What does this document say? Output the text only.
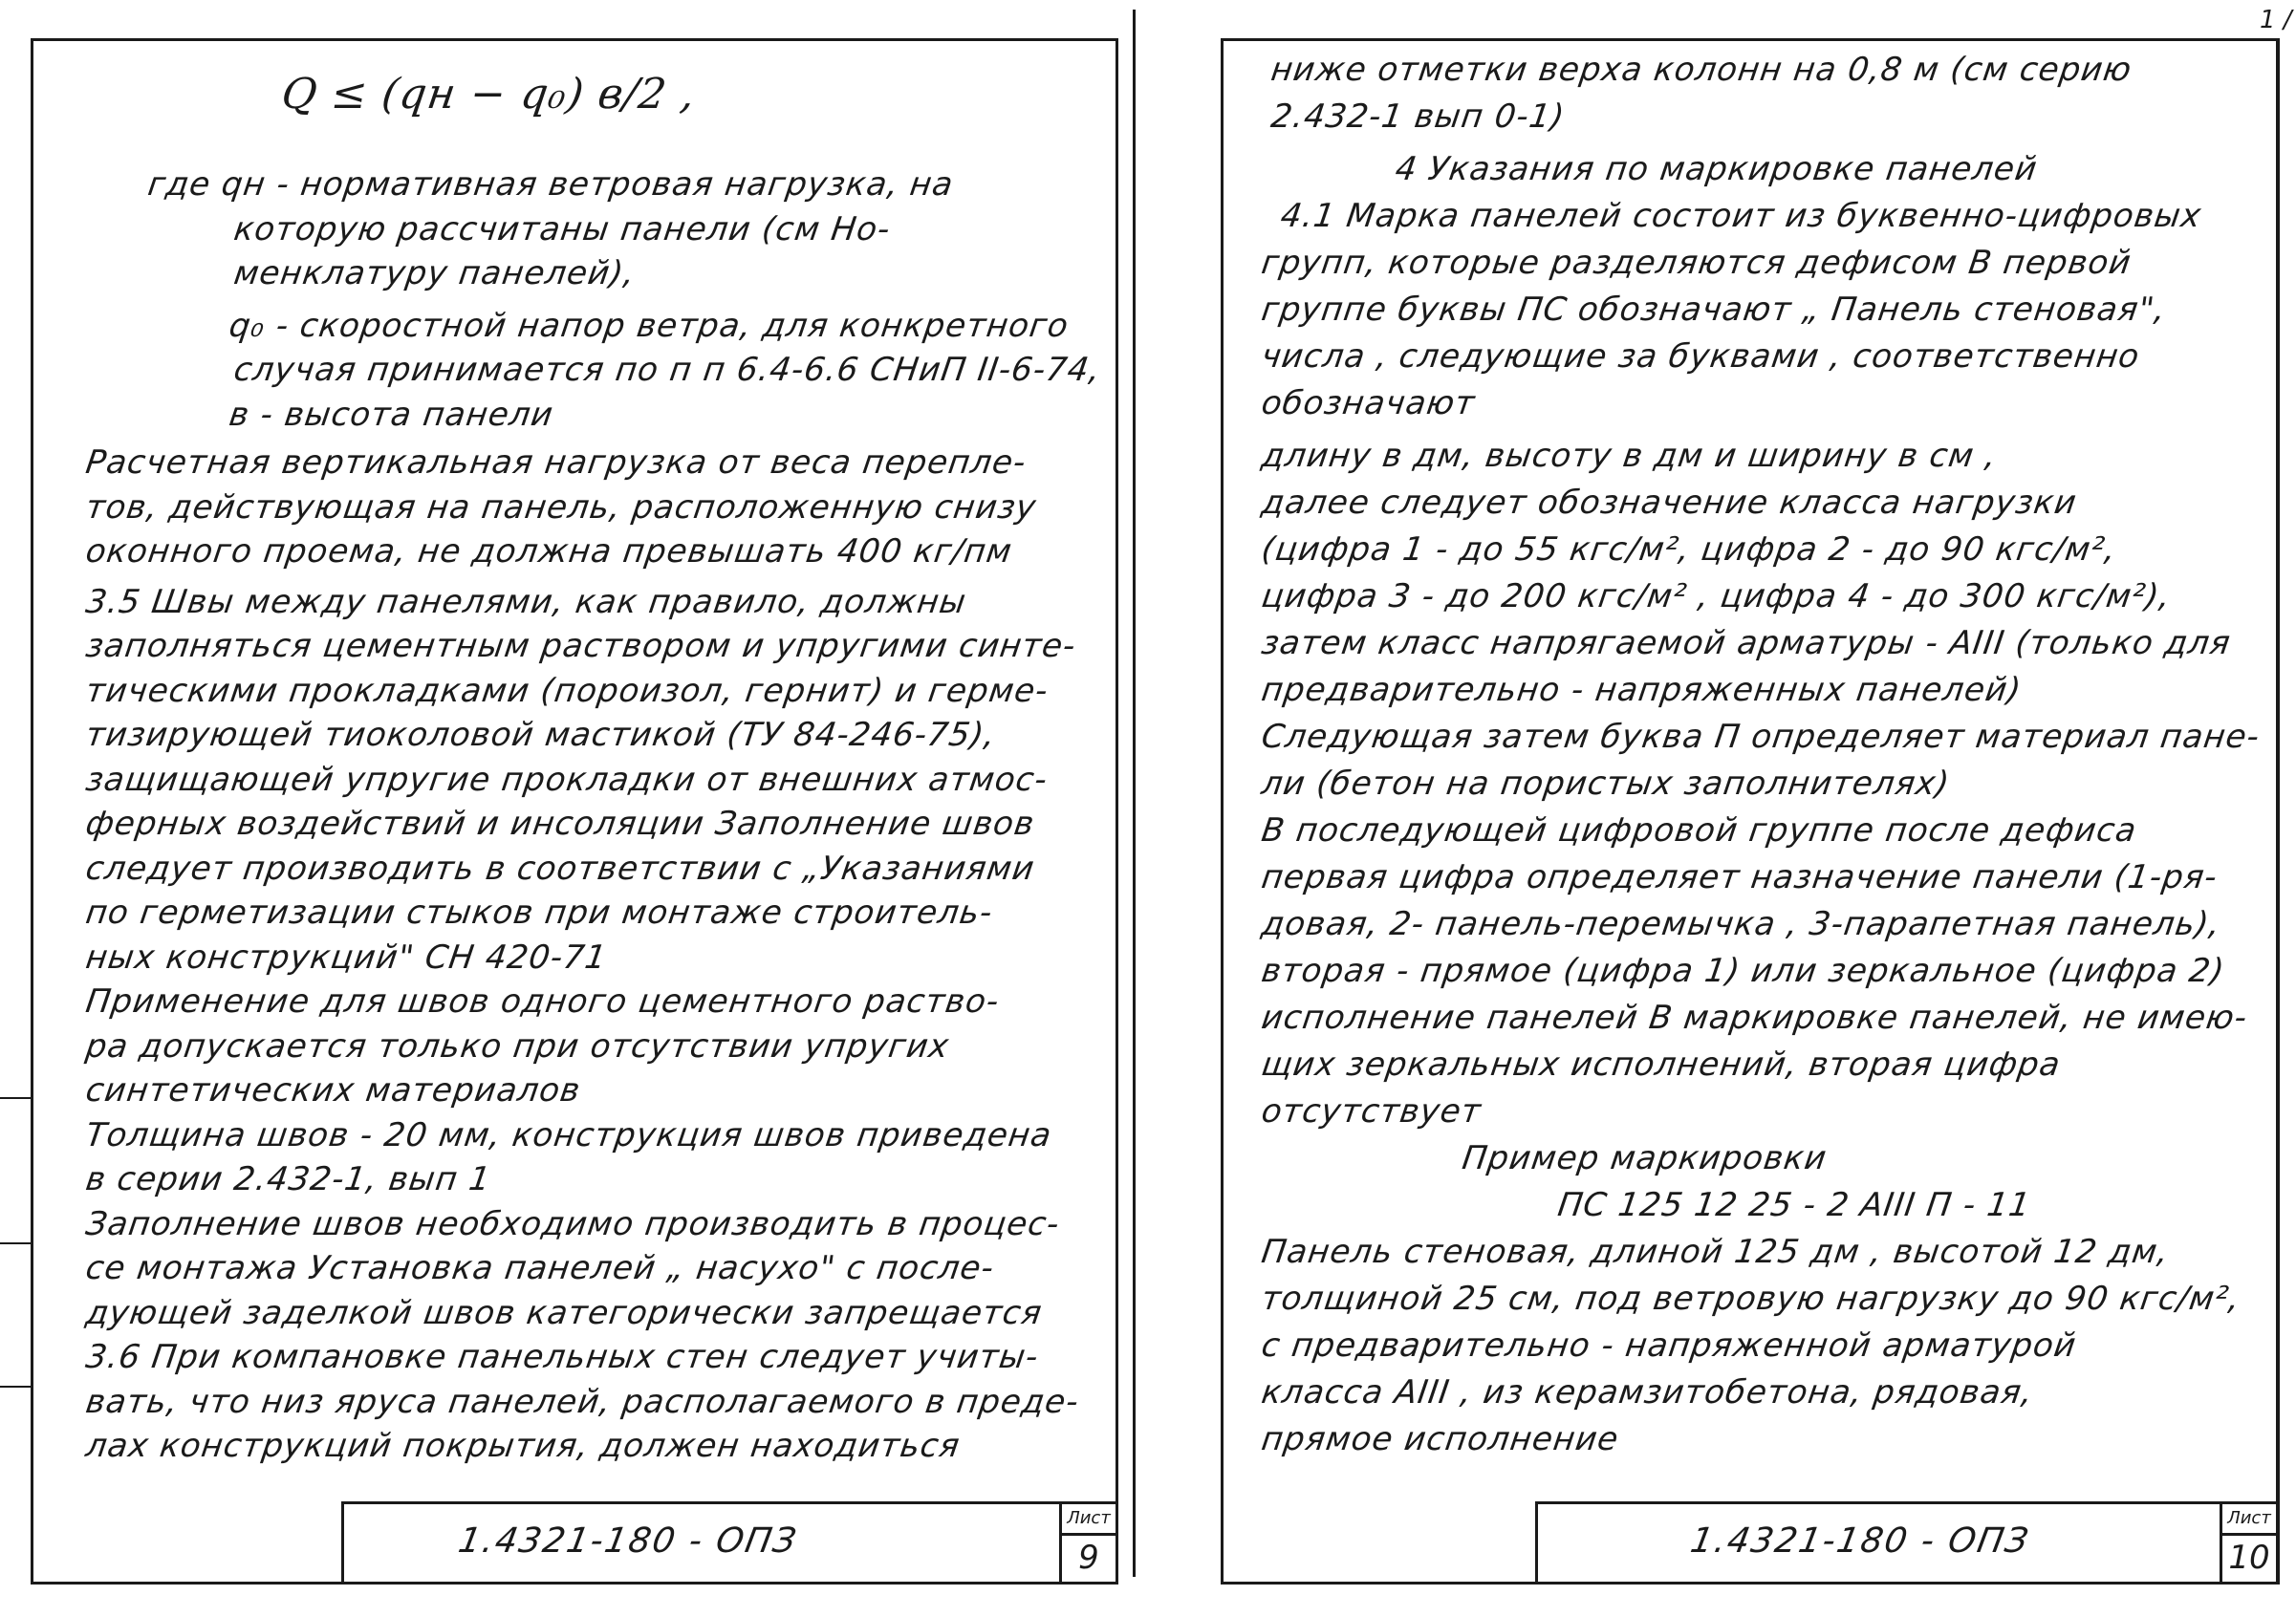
1 /
Q ≤ (qн − q₀) в/2 ,
где qн - нормативная ветровая нагрузка, на
которую рассчитаны панели (см Но-
менклатуру панелей),
q₀ - скоростной напор ветра, для конкретного
случая принимается по п п 6.4-6.6 СНиП II-6-74,
в - высота панели
Расчетная вертикальная нагрузка от веса перепле-
тов, действующая на панель, расположенную снизу
оконного проема, не должна превышать 400 кг/пм
3.5 Швы между панелями, как правило, должны
заполняться цементным раствором и упругими синте-
тическими прокладками (пороизол, гернит) и герме-
тизирующей тиоколовой мастикой (ТУ 84-246-75),
защищающей упругие прокладки от внешних атмос-
ферных воздействий и инсоляции Заполнение швов
следует производить в соответствии с „Указаниями
по герметизации стыков при монтаже строитель-
ных конструкций" СН 420-71
Применение для швов одного цементного раство-
ра допускается только при отсутствии упругих
синтетических материалов
Толщина швов - 20 мм, конструкция швов приведена
в серии 2.432-1, вып 1
Заполнение швов необходимо производить в процес-
се монтажа Установка панелей „ насухо" с после-
дующей заделкой швов категорически запрещается
3.6 При компановке панельных стен следует учиты-
вать, что низ яруса панелей, располагаемого в преде-
лах конструкций покрытия, должен находиться
1.4321-180 - ОПЗ
Лист
9
ниже отметки верха колонн на 0,8 м (см серию
2.432-1 вып 0-1)
4 Указания по маркировке панелей
4.1 Марка панелей состоит из буквенно-цифровых
групп, которые разделяются дефисом В первой
группе буквы ПС обозначают „ Панель стеновая",
числа , следующие за буквами , соответственно
обозначают
длину в дм, высоту в дм и ширину в см ,
далее следует обозначение класса нагрузки
(цифра 1 - до 55 кгс/м², цифра 2 - до 90 кгс/м²,
цифра 3 - до 200 кгс/м² , цифра 4 - до 300 кгс/м²),
затем класс напрягаемой арматуры - АIII (только для
предварительно - напряженных панелей)
Следующая затем буква П определяет материал пане-
ли (бетон на пористых заполнителях)
В последующей цифровой группе после дефиса
первая цифра определяет назначение панели (1-ря-
довая, 2- панель-перемычка , 3-парапетная панель),
вторая - прямое (цифра 1) или зеркальное (цифра 2)
исполнение панелей В маркировке панелей, не имею-
щих зеркальных исполнений, вторая цифра
отсутствует
Пример маркировки
ПС 125 12 25 - 2 АIII П - 11
Панель стеновая, длиной 125 дм , высотой 12 дм,
толщиной 25 см, под ветровую нагрузку до 90 кгс/м²,
с предварительно - напряженной арматурой
класса АIII , из керамзитобетона, рядовая,
прямое исполнение
1.4321-180 - ОПЗ
Лист
10
